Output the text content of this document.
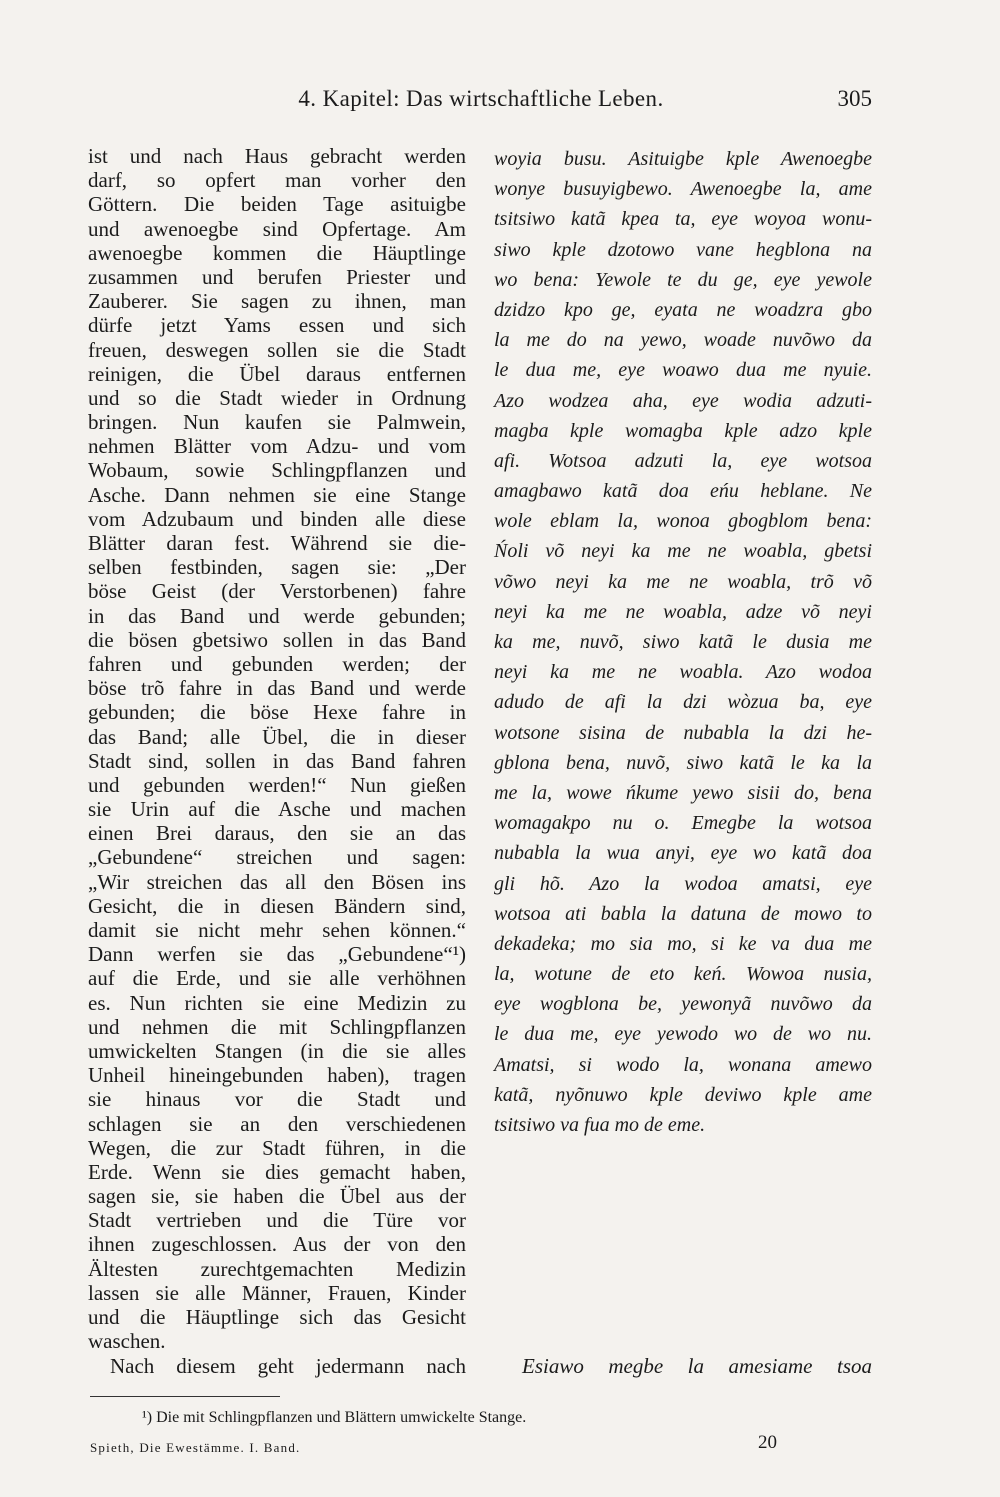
4. Kapitel: Das wirtschaftliche Leben.	305
ist und nach Haus gebracht werden
darf, so opfert man vorher den
Göttern. Die beiden Tage asituigbe
und awenoegbe sind Opfertage. Am
awenoegbe kommen die Häuptlinge
zusammen und berufen Priester und
Zauberer. Sie sagen zu ihnen, man
dürfe jetzt Yams essen und sich
freuen, deswegen sollen sie die Stadt
reinigen, die Übel daraus entfernen
und so die Stadt wieder in Ordnung
bringen. Nun kaufen sie Palmwein,
nehmen Blätter vom Adzu- und vom
Wobaum, sowie Schlingpflanzen und
Asche. Dann nehmen sie eine Stange
vom Adzubaum und binden alle diese
Blätter daran fest. Während sie die-
selben festbinden, sagen sie: „Der
böse Geist (der Verstorbenen) fahre
in das Band und werde gebunden;
die bösen gbetsiwo sollen in das Band
fahren und gebunden werden; der
böse trõ fahre in das Band und werde
gebunden; die böse Hexe fahre in
das Band; alle Übel, die in dieser
Stadt sind, sollen in das Band fahren
und gebunden werden!“ Nun gießen
sie Urin auf die Asche und machen
einen Brei daraus, den sie an das
„Gebundene“ streichen und sagen:
„Wir streichen das all den Bösen ins
Gesicht, die in diesen Bändern sind,
damit sie nicht mehr sehen können.“
Dann werfen sie das „Gebundene“¹)
auf die Erde, und sie alle verhöhnen
es. Nun richten sie eine Medizin zu
und nehmen die mit Schlingpflanzen
umwickelten Stangen (in die sie alles
Unheil hineingebunden haben), tragen
sie hinaus vor die Stadt und
schlagen sie an den verschiedenen
Wegen, die zur Stadt führen, in die
Erde. Wenn sie dies gemacht haben,
sagen sie, sie haben die Übel aus der
Stadt vertrieben und die Türe vor
ihnen zugeschlossen. Aus der von den
Ältesten zurechtgemachten Medizin
lassen sie alle Männer, Frauen, Kinder
und die Häuptlinge sich das Gesicht
waschen.
woyia busu. Asituigbe kple Awenoegbe
wonye busuyigbewo. Awenoegbe la, ame
tsitsiwo katã kpea ta, eye woyoa wonu-
siwo kple dzotowo vane hegblona na
wo bena: Yewole te du ge, eye yewole
dzidzo kpo ge, eyata ne woadzra gbo
la me do na yewo, woade nuvõwo da
le dua me, eye woawo dua me nyuie.
Azo wodzea aha, eye wodia adzuti-
magba kple womagba kple adzo kple
afi. Wotsoa adzuti la, eye wotsoa
amagbawo katã doa eńu heblane. Ne
wole eblam la, wonoa gbogblom bena:
Ńoli võ neyi ka me ne woabla, gbetsi
võwo neyi ka me ne woabla, trõ võ
neyi ka me ne woabla, adze võ neyi
ka me, nuvõ, siwo katã le dusia me
neyi ka me ne woabla. Azo wodoa
adudo de afi la dzi wòzua ba, eye
wotsone sisina de nubabla la dzi he-
gblona bena, nuvõ, siwo katã le ka la
me la, wowe ńkume yewo sisii do, bena
womagakpo nu o. Emegbe la wotsoa
nubabla la wua anyi, eye wo katã doa
gli hõ. Azo la wodoa amatsi, eye
wotsoa ati babla la datuna de mowo to
dekadeka; mo sia mo, si ke va dua me
la, wotune de eto keń. Wowoa nusia,
eye wogblona be, yewonyã nuvõwo da
le dua me, eye yewodo wo de wo nu.
Amatsi, si wodo la, wonana amewo
katã, nyõnuwo kple deviwo kple ame
tsitsiwo va fua mo de eme.
Nach diesem geht jedermann nach	Esiawo megbe la amesiame tsoa
¹) Die mit Schlingpflanzen und Blättern umwickelte Stange.
Spieth, Die Ewestämme. I. Band.	20
